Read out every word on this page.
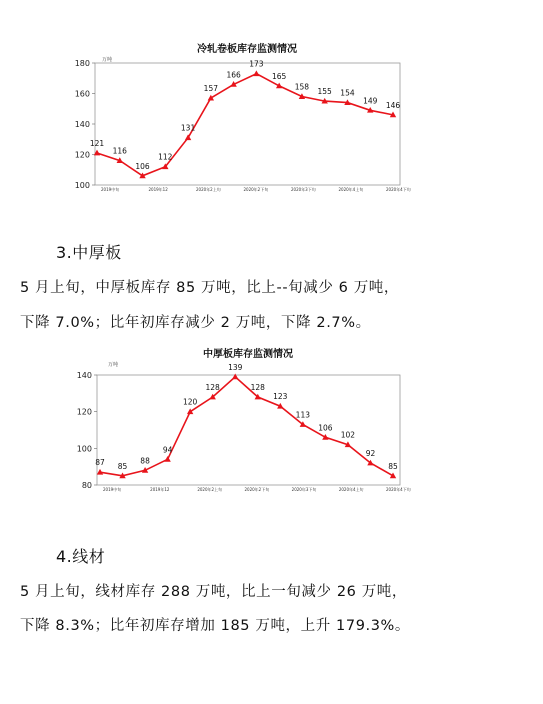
冷轧卷板库存监测情况
万吨
100
120
140
160
180
2019中旬	2019年12	2020年2上旬	2020年2下旬	2020年3下旬	2020年4上旬	2020年4下旬
121
116
106
112
131
157
166
173
165
158
155 154
149
146
3.中厚板
5 月上旬，中厚板库存 85 万吨，比上--旬减少 6 万吨，
下降 7.0%；比年初库存减少 2 万吨，下降 2.7%。
中厚板库存监测情况
万吨
80
100
120
140
2019中旬	2019年12	2020年2上旬	2020年2下旬	2020年3下旬	2020年4上旬	2020年4下旬
87 85
88
94
120
128
139
128
123
113
106
102
92
85
4.线材
5 月上旬，线材库存 288 万吨，比上一旬减少 26 万吨，
下降 8.3%；比年初库存增加 185 万吨，上升 179.3%。
